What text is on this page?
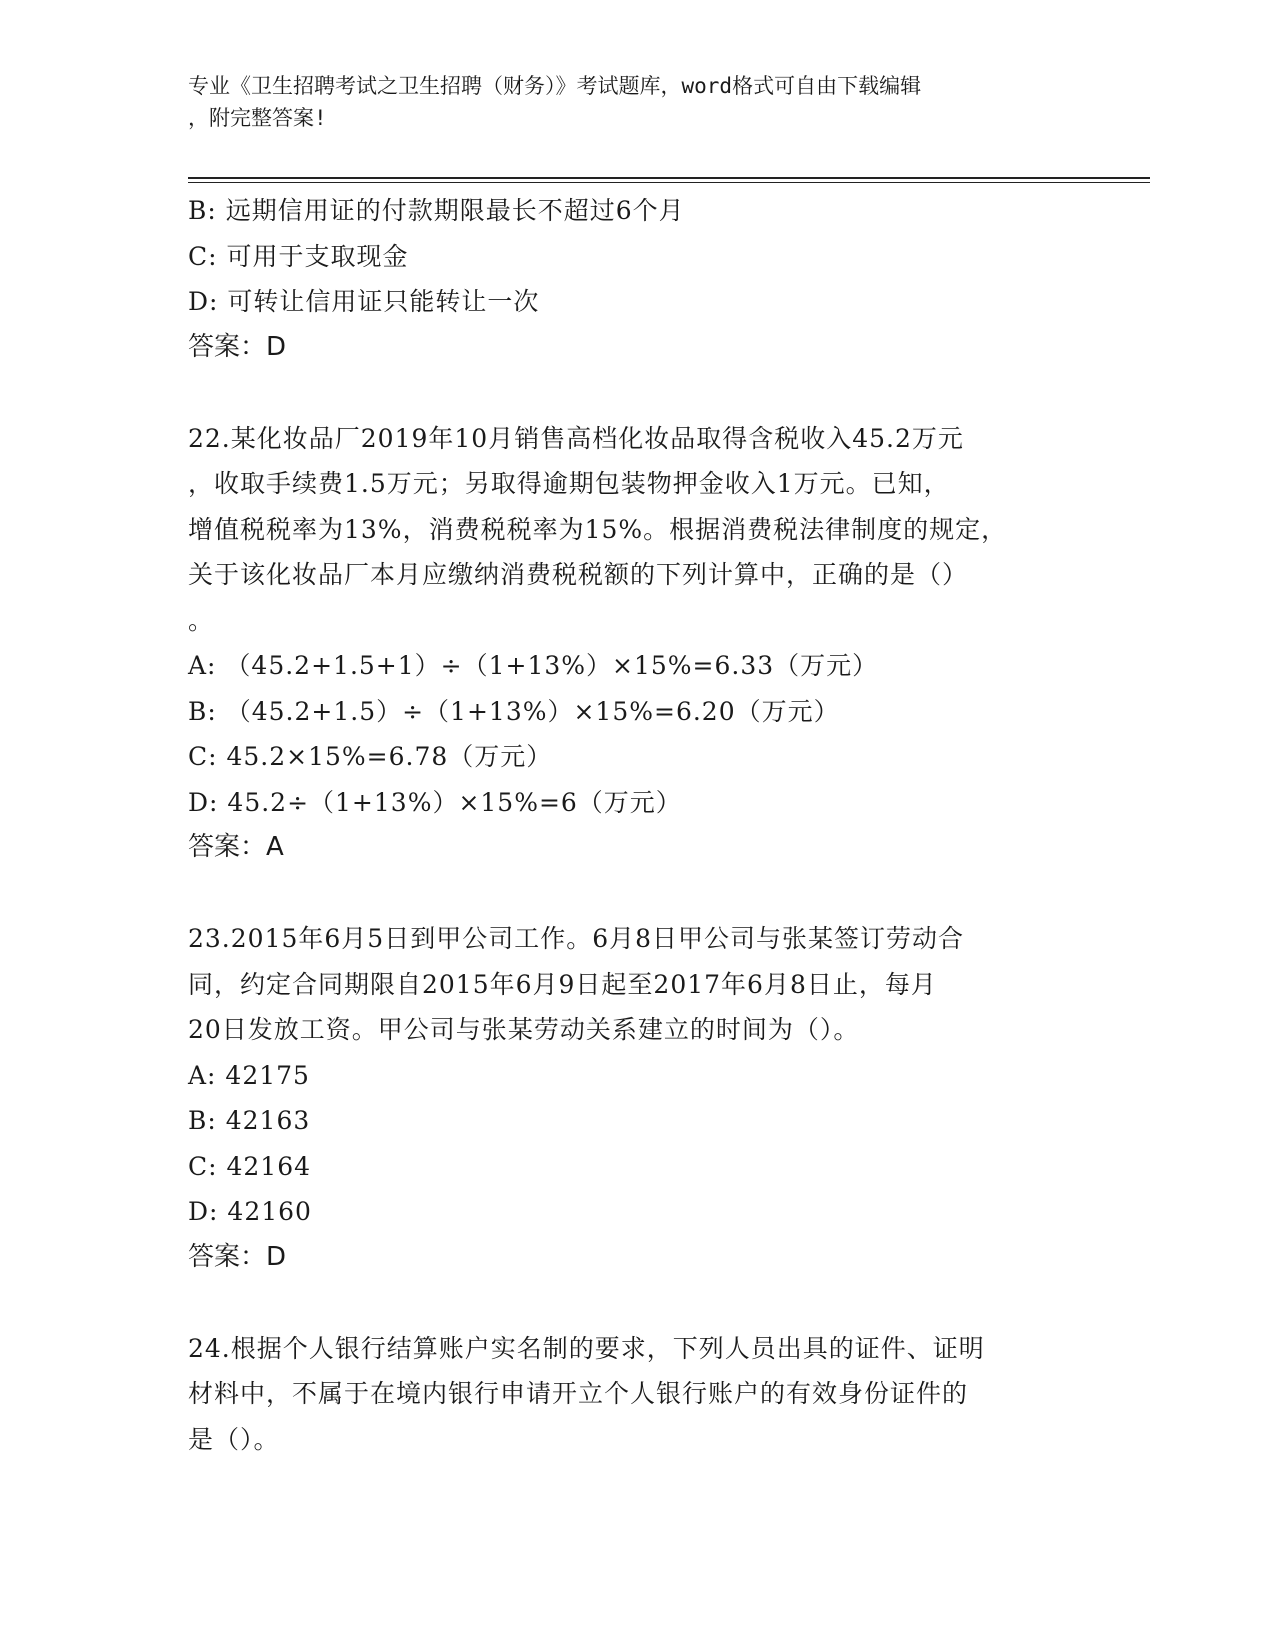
专业《卫生招聘考试之卫生招聘（财务）》考试题库，word格式可自由下载编辑
，附完整答案!
B: 远期信用证的付款期限最长不超过6个月
C: 可用于支取现金
D: 可转让信用证只能转让一次
答案：D
22.某化妆品厂2019年10月销售高档化妆品取得含税收入45.2万元
，收取手续费1.5万元；另取得逾期包装物押金收入1万元。已知，
增值税税率为13%，消费税税率为15%。根据消费税法律制度的规定，
关于该化妆品厂本月应缴纳消费税税额的下列计算中，正确的是（）
。
A: （45.2+1.5+1）÷（1+13%）×15%=6.33（万元）
B: （45.2+1.5）÷（1+13%）×15%=6.20（万元）
C: 45.2×15%=6.78（万元）
D: 45.2÷（1+13%）×15%=6（万元）
答案：A
23.2015年6月5日到甲公司工作。6月8日甲公司与张某签订劳动合
同，约定合同期限自2015年6月9日起至2017年6月8日止，每月
20日发放工资。甲公司与张某劳动关系建立的时间为（）。
A: 42175
B: 42163
C: 42164
D: 42160
答案：D
24.根据个人银行结算账户实名制的要求，下列人员出具的证件、证明
材料中，不属于在境内银行申请开立个人银行账户的有效身份证件的
是（）。
